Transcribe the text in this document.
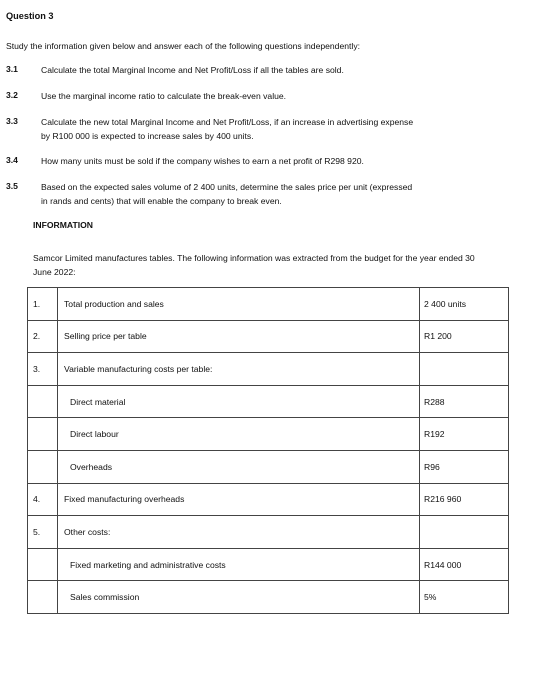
Question 3
Study the information given below and answer each of the following questions independently:
3.1	Calculate the total Marginal Income and Net Profit/Loss if all the tables are sold.
3.2	Use the marginal income ratio to calculate the break-even value.
3.3	Calculate the new total Marginal Income and Net Profit/Loss, if an increase in advertising expense
by R100 000 is expected to increase sales by 400 units.
3.4	How many units must be sold if the company wishes to earn a net profit of R298 920.
3.5	Based on the expected sales volume of 2 400 units, determine the sales price per unit (expressed
in rands and cents) that will enable the company to break even.
INFORMATION
Samcor Limited manufactures tables. The following information was extracted from the budget for the year ended 30
June 2022:
1.	Total production and sales	2 400 units
2.	Selling price per table	R1 200
3.	Variable manufacturing costs per table:	
	Direct material	R288
	Direct labour	R192
	Overheads	R96
4.	Fixed manufacturing overheads	R216 960
5.	Other costs:	
	Fixed marketing and administrative costs	R144 000
	Sales commission	5%
